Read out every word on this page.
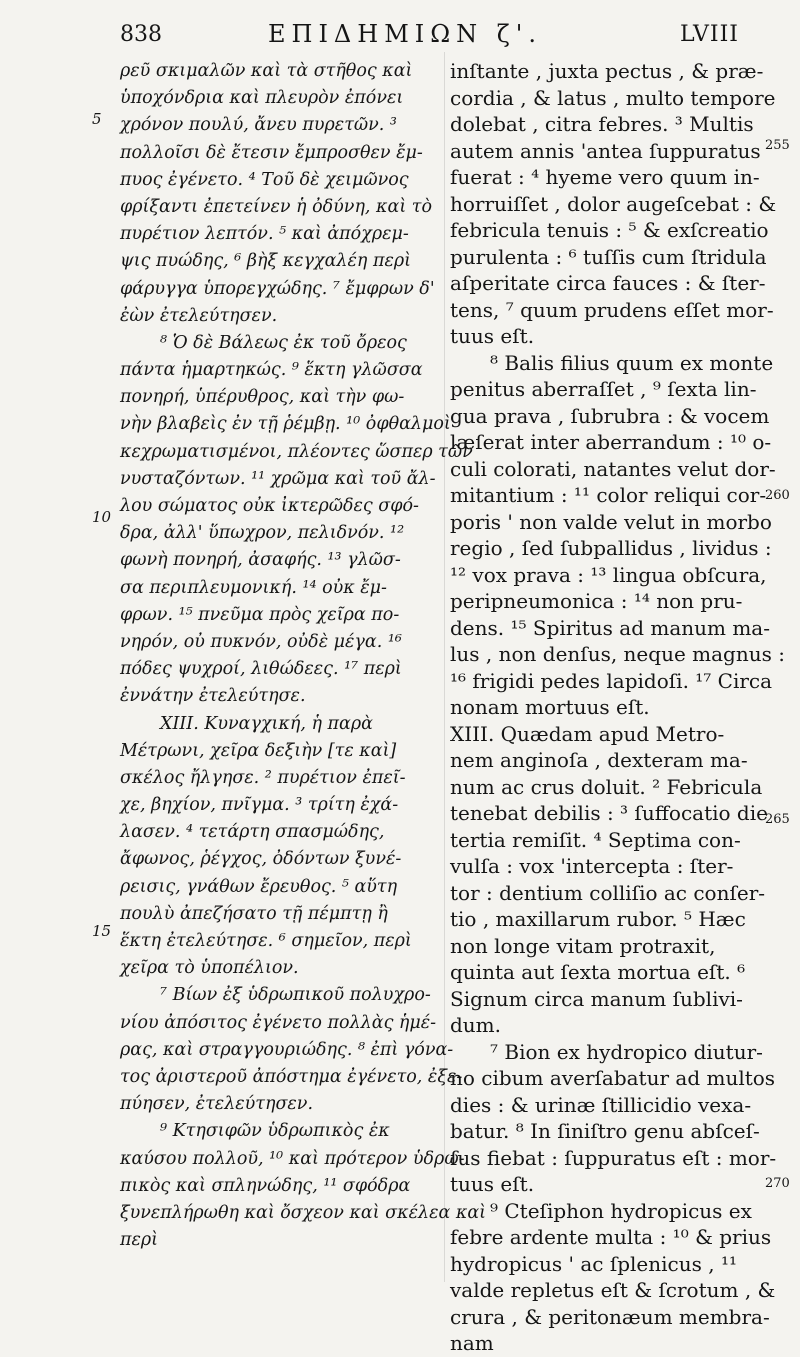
838	ΕΠΙΔΗΜΙΩΝ ζ'.	LVIII
ρεῦ σκιμαλῶν καὶ τὰ στῆθος καὶ
ὑποχόνδρια καὶ πλευρὸν ἐπόνει
χρόνον πουλύ, ἄνευ πυρετῶν. ³
πολλοῖσι δὲ ἔτεσιν ἔμπροσθεν ἔμ-
πυος ἐγένετο. ⁴ Τοῦ δὲ χειμῶνος
φρίξαντι ἐπετείνεν ἡ ὀδύνη, καὶ τὸ
πυρέτιον λεπτόν. ⁵ καὶ ἀπόχρεμ-
ψις πυώδης, ⁶ βὴξ κεγχαλέη περὶ
φάρυγγα ὑπορεγχώδης. ⁷ ἔμφρων δ'
ἐὼν ἐτελεύτησεν.
⁸ Ὁ δὲ Βάλεως ἐκ τοῦ ὄρεος
πάντα ἡμαρτηκώς. ⁹ ἕκτη γλῶσσα
πονηρή, ὑπέρυθρος, καὶ τὴν φω-
νὴν βλαβεὶς ἐν τῇ ῥέμβῃ. ¹⁰ ὀφθαλμοὶ
κεχρωματισμένοι, πλέοντες ὥσπερ τῶν
νυσταζόντων. ¹¹ χρῶμα καὶ τοῦ ἄλ-
λου σώματος οὐκ ἰκτερῶδες σφό-
δρα, ἀλλ' ὕπωχρον, πελιδνόν. ¹²
φωνὴ πονηρή, ἀσαφής. ¹³ γλῶσ-
σα περιπλευμονική. ¹⁴ οὐκ ἔμ-
φρων. ¹⁵ πνεῦμα πρὸς χεῖρα πο-
νηρόν, οὐ πυκνόν, οὐδὲ μέγα. ¹⁶
πόδες ψυχροί, λιθώδεες. ¹⁷ περὶ
ἐννάτην ἐτελεύτησε.
XIII. Κυναγχική, ἡ παρὰ
Μέτρωνι, χεῖρα δεξιὴν [τε καὶ]
σκέλος ἤλγησε. ² πυρέτιον ἐπεῖ-
χε, βηχίον, πνῖγμα. ³ τρίτη ἐχά-
λασεν. ⁴ τετάρτη σπασμώδης,
ἄφωνος, ῥέγχος, ὀδόντων ξυνέ-
ρεισις, γνάθων ἔρευθος. ⁵ αὕτη
πουλὺ ἀπεζήσατο τῇ πέμπτῃ ἢ
ἕκτη ἐτελεύτησε. ⁶ σημεῖον, περὶ
χεῖρα τὸ ὑποπέλιον.
⁷ Βίων ἐξ ὑδρωπικοῦ πολυχρο-
νίου ἀπόσιτος ἐγένετο πολλὰς ἡμέ-
ρας, καὶ στραγγουριώδης. ⁸ ἐπὶ γόνα-
τος ἀριστεροῦ ἀπόστημα ἐγένετο, ἐξε-
πύησεν, ἐτελεύτησεν.
⁹ Κτησιφῶν ὑδρωπικὸς ἐκ
καύσου πολλοῦ, ¹⁰ καὶ πρότερον ὑδρω-
πικὸς καὶ σπληνώδης, ¹¹ σφόδρα
ξυνεπλήρωθη καὶ ὄσχεον καὶ σκέλεα καὶ
περὶ
inſtante , juxta pectus , & præ-
cordia , & latus , multo tempore
dolebat , citra febres. ³ Multis
autem annis 'antea ſuppuratus
fuerat : ⁴ hyeme vero quum in-
horruiſſet , dolor augeſcebat : &
febricula tenuis : ⁵ & exſcreatio
purulenta : ⁶ tuſſis cum ſtridula
aſperitate circa fauces : & ſter-
tens, ⁷ quum prudens eſſet mor-
tuus eſt.
⁸ Balis filius quum ex monte
penitus aberraſſet , ⁹ ſexta lin-
gua prava , ſubrubra : & vocem
læſerat inter aberrandum : ¹⁰ o-
culi colorati, natantes velut dor-
mitantium : ¹¹ color reliqui cor-
poris ' non valde velut in morbo
regio , ſed ſubpallidus , lividus :
¹² vox prava : ¹³ lingua obſcura,
peripneumonica : ¹⁴ non pru-
dens. ¹⁵ Spiritus ad manum ma-
lus , non denſus, neque magnus :
¹⁶ frigidi pedes lapidoſi. ¹⁷ Circa
nonam mortuus eſt.
XIII. Quædam apud Metro-
nem anginoſa , dexteram ma-
num ac crus doluit. ² Febricula
tenebat debilis : ³ ſuffocatio die
tertia remiſit. ⁴ Septima con-
vulſa : vox 'intercepta : ſter-
tor : dentium colliſio ac conſer-
tio , maxillarum rubor. ⁵ Hæc
non longe vitam protraxit,
quinta aut ſexta mortua eſt. ⁶
Signum circa manum ſublivi-
dum.
⁷ Bion ex hydropico diutur-
no cibum averſabatur ad multos
dies : & urinæ ſtillicidio vexa-
batur. ⁸ In ſiniſtro genu abſceſ-
ſus fiebat : ſuppuratus eſt : mor-
tuus eſt.
⁹ Cteſiphon hydropicus ex
febre ardente multa : ¹⁰ & prius
hydropicus ' ac ſplenicus , ¹¹
valde repletus eſt & ſcrotum , &
crura , & peritonæum membra-
nam
5
10
15
255
260
265
270
